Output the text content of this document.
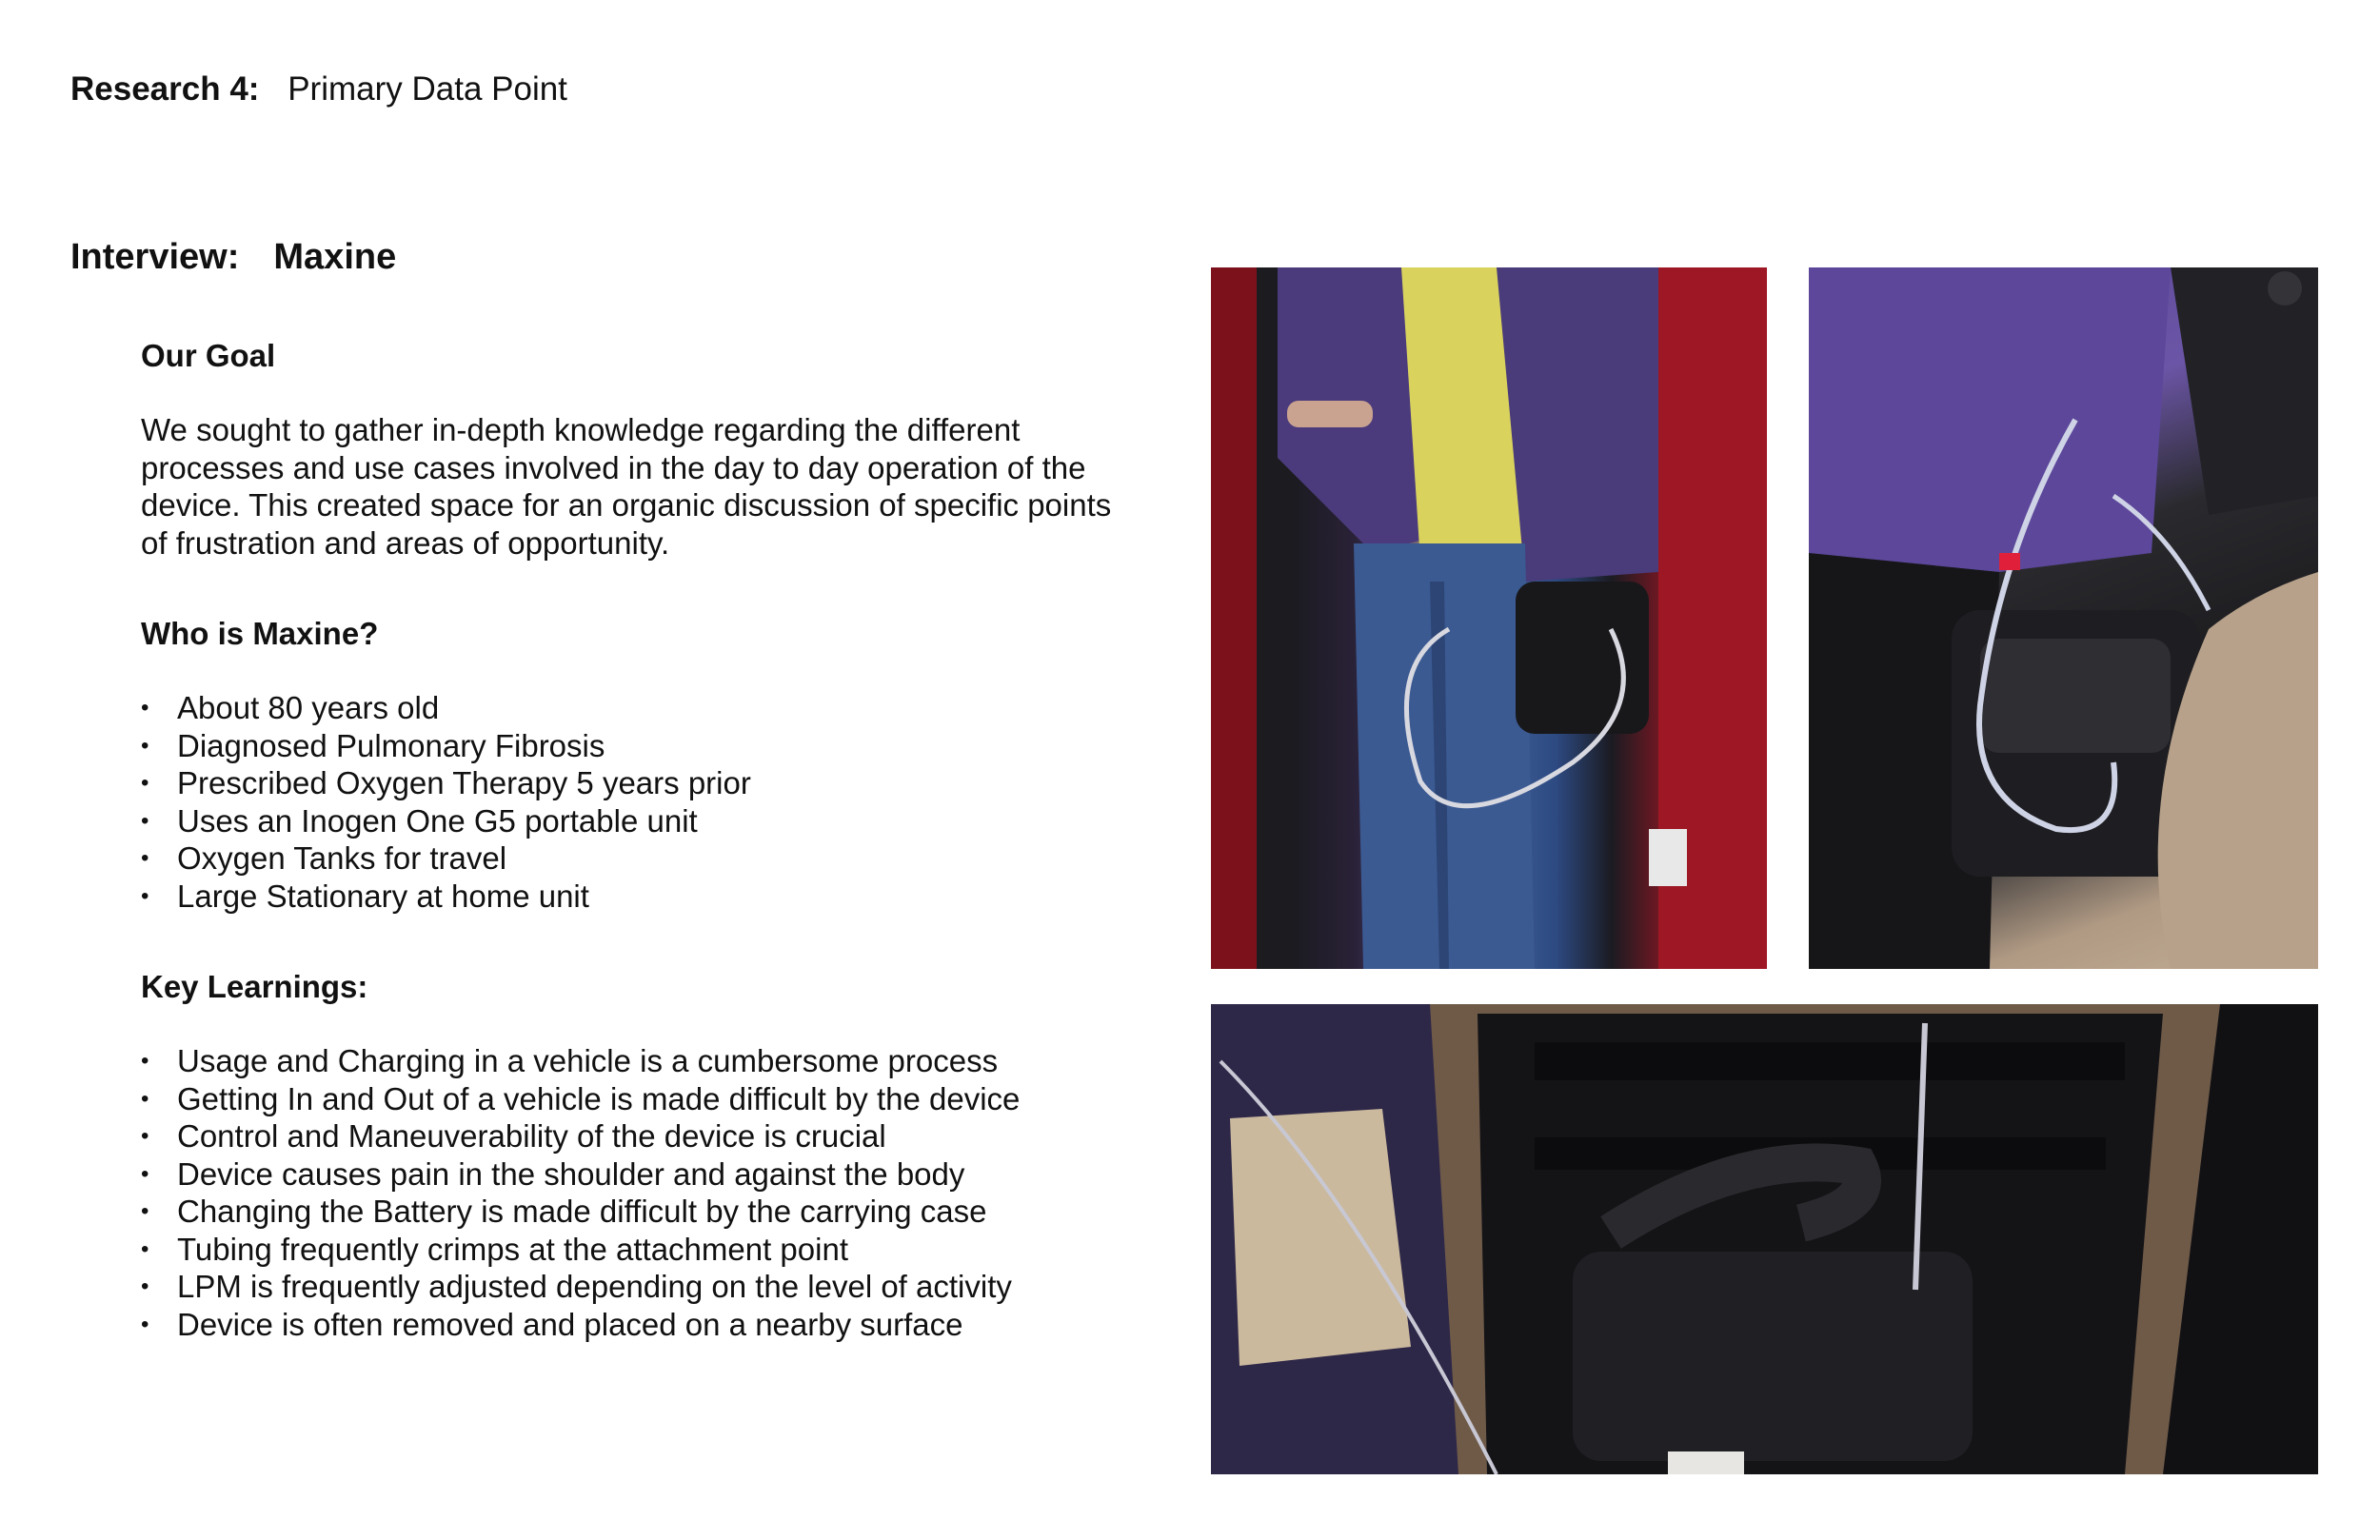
Research 4: Primary Data Point
Interview: Maxine
Our Goal
We sought to gather in-depth knowledge regarding the different
processes and use cases involved in the day to day operation of the
device. This created space for an organic discussion of specific points
of frustration and areas of opportunity.
Who is Maxine?
• About 80 years old
• Diagnosed Pulmonary Fibrosis
• Prescribed Oxygen Therapy 5 years prior
• Uses an Inogen One G5 portable unit
• Oxygen Tanks for travel
• Large Stationary at home unit
Key Learnings:
• Usage and Charging in a vehicle is a cumbersome process
• Getting In and Out of a vehicle is made difficult by the device
• Control and Maneuverability of the device is crucial
• Device causes pain in the shoulder and against the body
• Changing the Battery is made difficult by the carrying case
• Tubing frequently crimps at the attachment point
• LPM is frequently adjusted depending on the level of activity
• Device is often removed and placed on a nearby surface
